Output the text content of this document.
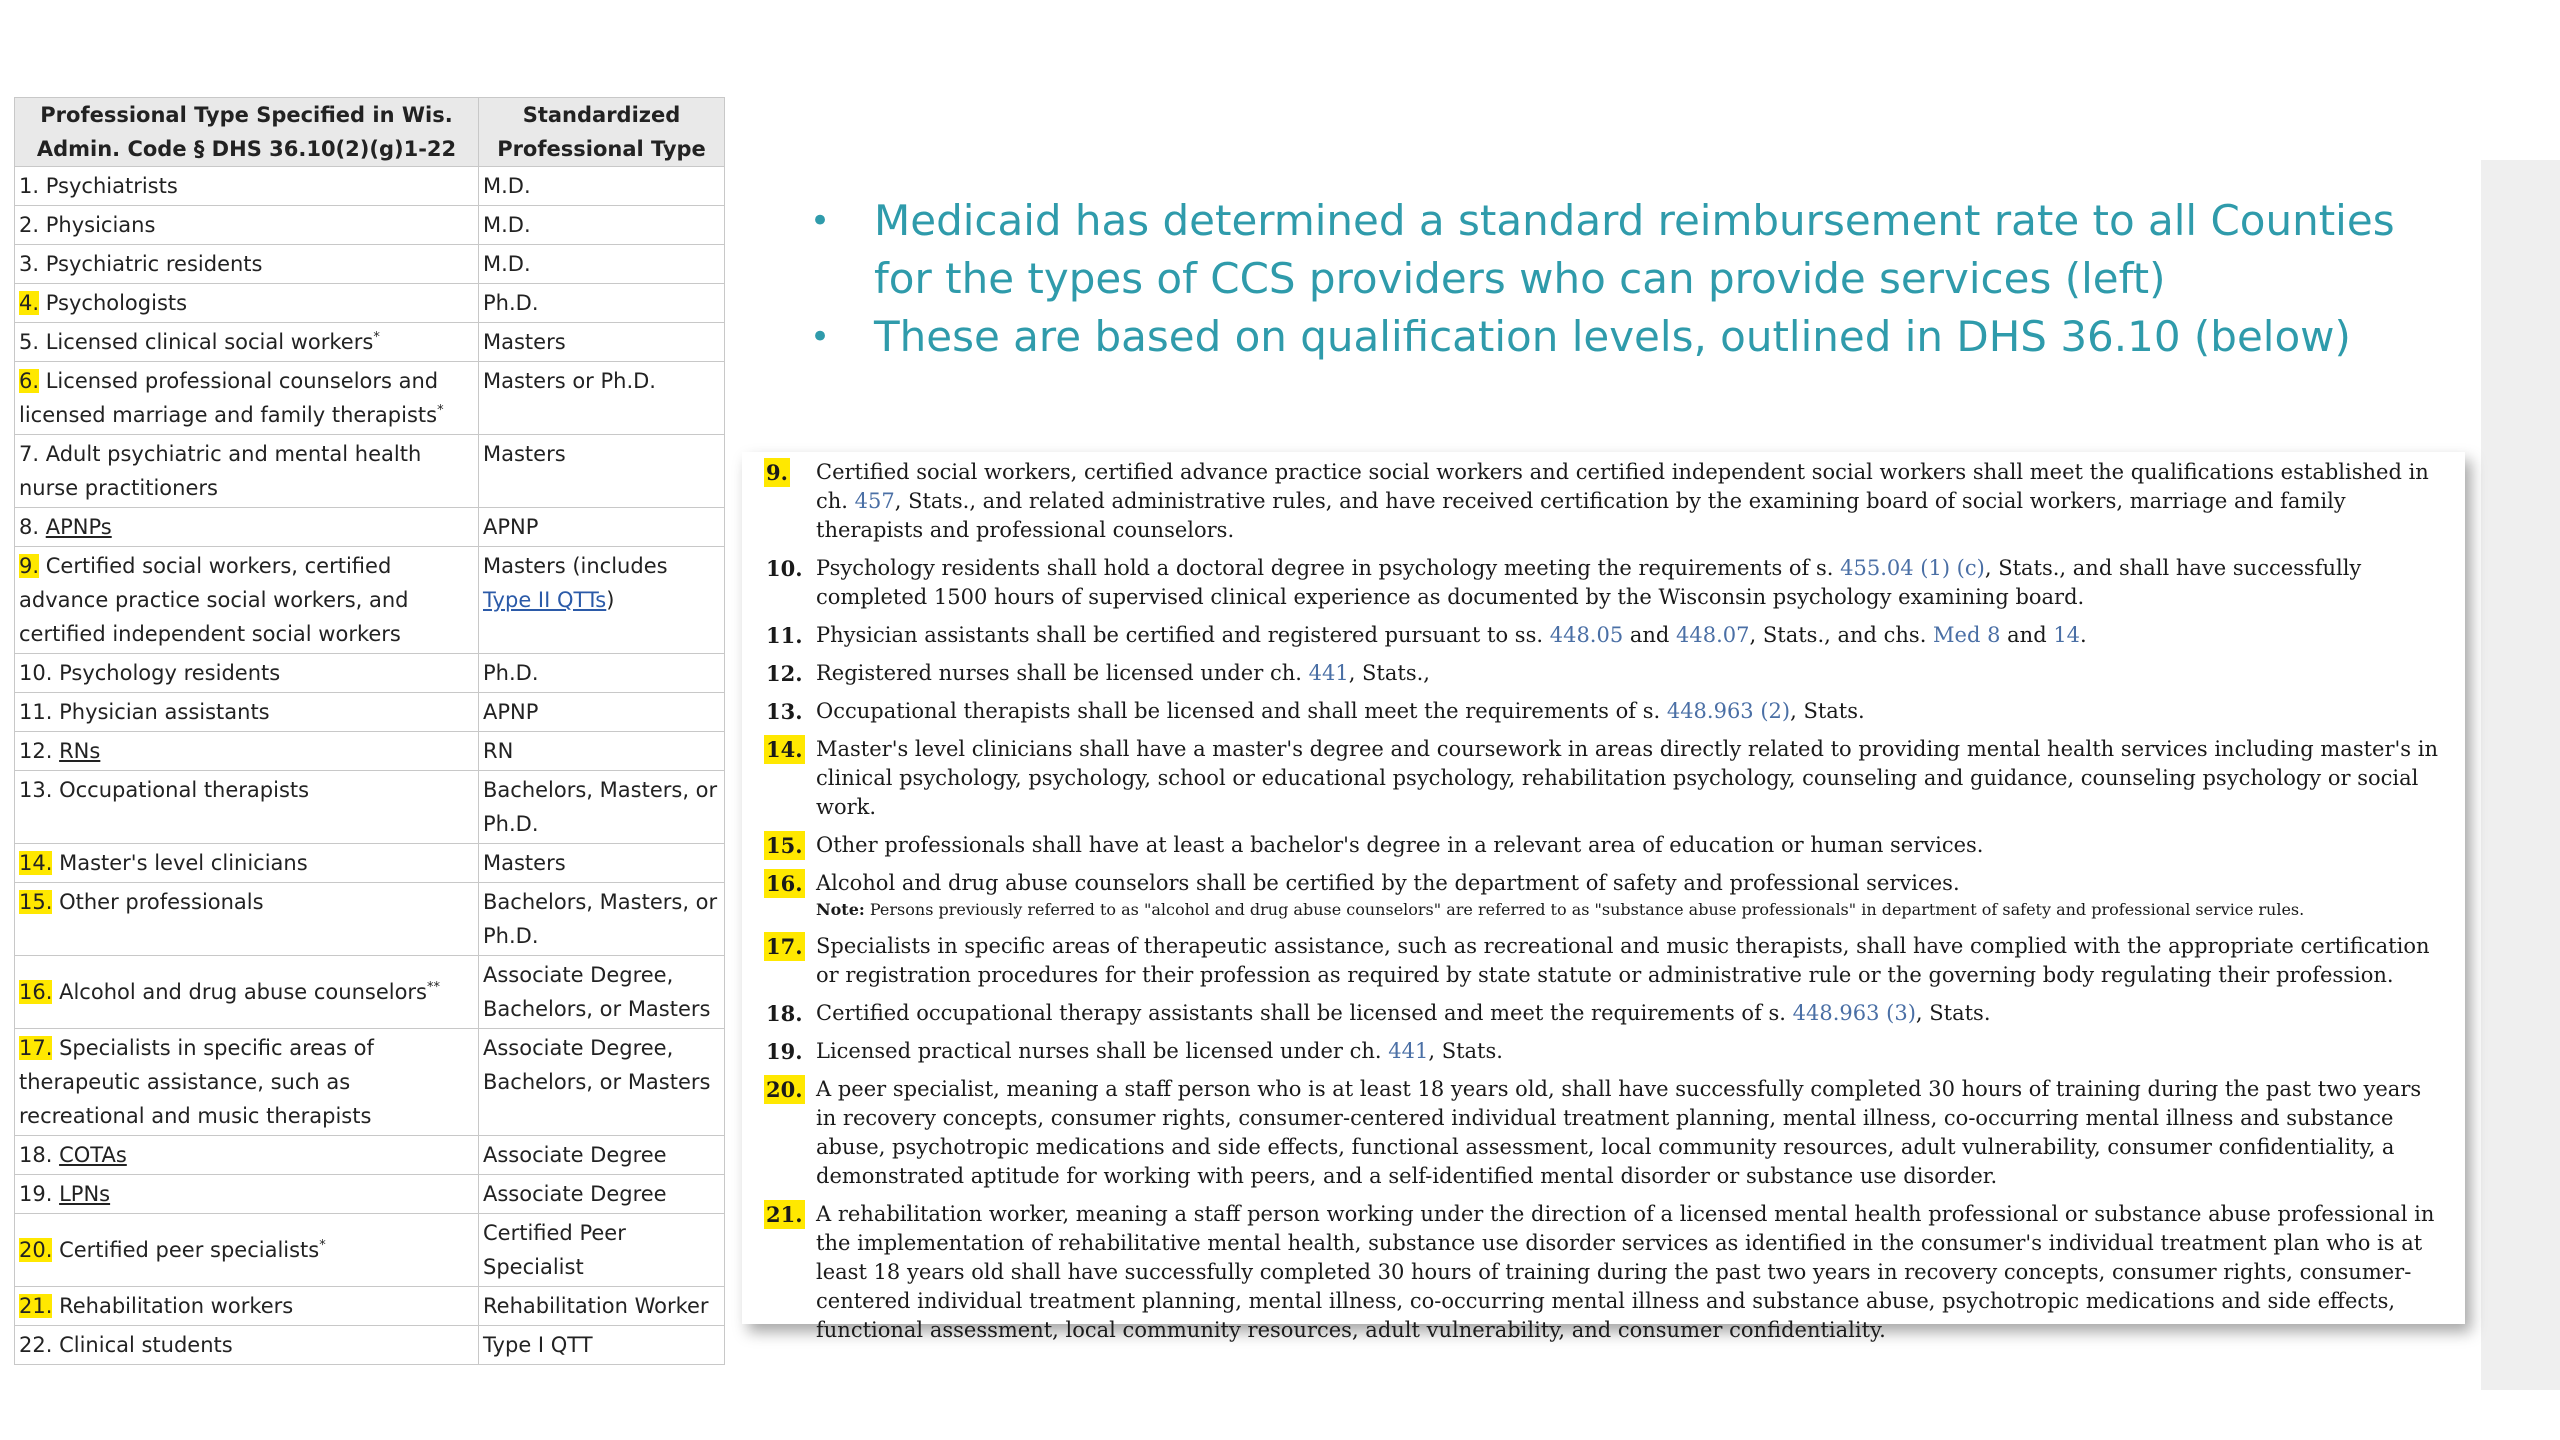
Professional Type Specified in Wis. Admin. Code § DHS 36.10(2)(g)1-22	Standardized Professional Type
1. Psychiatrists	M.D.
2. Physicians	M.D.
3. Psychiatric residents	M.D.
4. Psychologists	Ph.D.
5. Licensed clinical social workers*	Masters
6. Licensed professional counselors and licensed marriage and family therapists*	Masters or Ph.D.
7. Adult psychiatric and mental health nurse practitioners	Masters
8. APNPs	APNP
9. Certified social workers, certified advance practice social workers, and certified independent social workers	Masters (includes Type II QTTs)
10. Psychology residents	Ph.D.
11. Physician assistants	APNP
12. RNs	RN
13. Occupational therapists	Bachelors, Masters, or Ph.D.
14. Master's level clinicians	Masters
15. Other professionals	Bachelors, Masters, or Ph.D.
16. Alcohol and drug abuse counselors**	Associate Degree, Bachelors, or Masters
17. Specialists in specific areas of therapeutic assistance, such as recreational and music therapists	Associate Degree, Bachelors, or Masters
18. COTAs	Associate Degree
19. LPNs	Associate Degree
20. Certified peer specialists*	Certified Peer Specialist
21. Rehabilitation workers	Rehabilitation Worker
22. Clinical students	Type I QTT
• Medicaid has determined a standard reimbursement rate to all Counties for the types of CCS providers who can provide services (left)
• These are based on qualification levels, outlined in DHS 36.10 (below)

9. Certified social workers, certified advance practice social workers and certified independent social workers shall meet the qualifications established in ch. 457, Stats., and related administrative rules, and have received certification by the examining board of social workers, marriage and family therapists and professional counselors.

10. Psychology residents shall hold a doctoral degree in psychology meeting the requirements of s. 455.04 (1) (c), Stats., and shall have successfully completed 1500 hours of supervised clinical experience as documented by the Wisconsin psychology examining board.

11. Physician assistants shall be certified and registered pursuant to ss. 448.05 and 448.07, Stats., and chs. Med 8 and 14.

12. Registered nurses shall be licensed under ch. 441, Stats.,

13. Occupational therapists shall be licensed and shall meet the requirements of s. 448.963 (2), Stats.

14. Master's level clinicians shall have a master's degree and coursework in areas directly related to providing mental health services including master's in clinical psychology, psychology, school or educational psychology, rehabilitation psychology, counseling and guidance, counseling psychology or social work.

15. Other professionals shall have at least a bachelor's degree in a relevant area of education or human services.

16. Alcohol and drug abuse counselors shall be certified by the department of safety and professional services.

Note: Persons previously referred to as "alcohol and drug abuse counselors" are referred to as "substance abuse professionals" in department of safety and professional service rules.

17. Specialists in specific areas of therapeutic assistance, such as recreational and music therapists, shall have complied with the appropriate certification or registration procedures for their profession as required by state statute or administrative rule or the governing body regulating their profession.

18. Certified occupational therapy assistants shall be licensed and meet the requirements of s. 448.963 (3), Stats.

19. Licensed practical nurses shall be licensed under ch. 441, Stats.

20. A peer specialist, meaning a staff person who is at least 18 years old, shall have successfully completed 30 hours of training during the past two years in recovery concepts, consumer rights, consumer-centered individual treatment planning, mental illness, co-occurring mental illness and substance abuse, psychotropic medications and side effects, functional assessment, local community resources, adult vulnerability, consumer confidentiality, a demonstrated aptitude for working with peers, and a self-identified mental disorder or substance use disorder.

21. A rehabilitation worker, meaning a staff person working under the direction of a licensed mental health professional or substance abuse professional in the implementation of rehabilitative mental health, substance use disorder services as identified in the consumer's individual treatment plan who is at least 18 years old shall have successfully completed 30 hours of training during the past two years in recovery concepts, consumer rights, consumer-centered individual treatment planning, mental illness, co-occurring mental illness and substance abuse, psychotropic medications and side effects, functional assessment, local community resources, adult vulnerability, and consumer confidentiality.
